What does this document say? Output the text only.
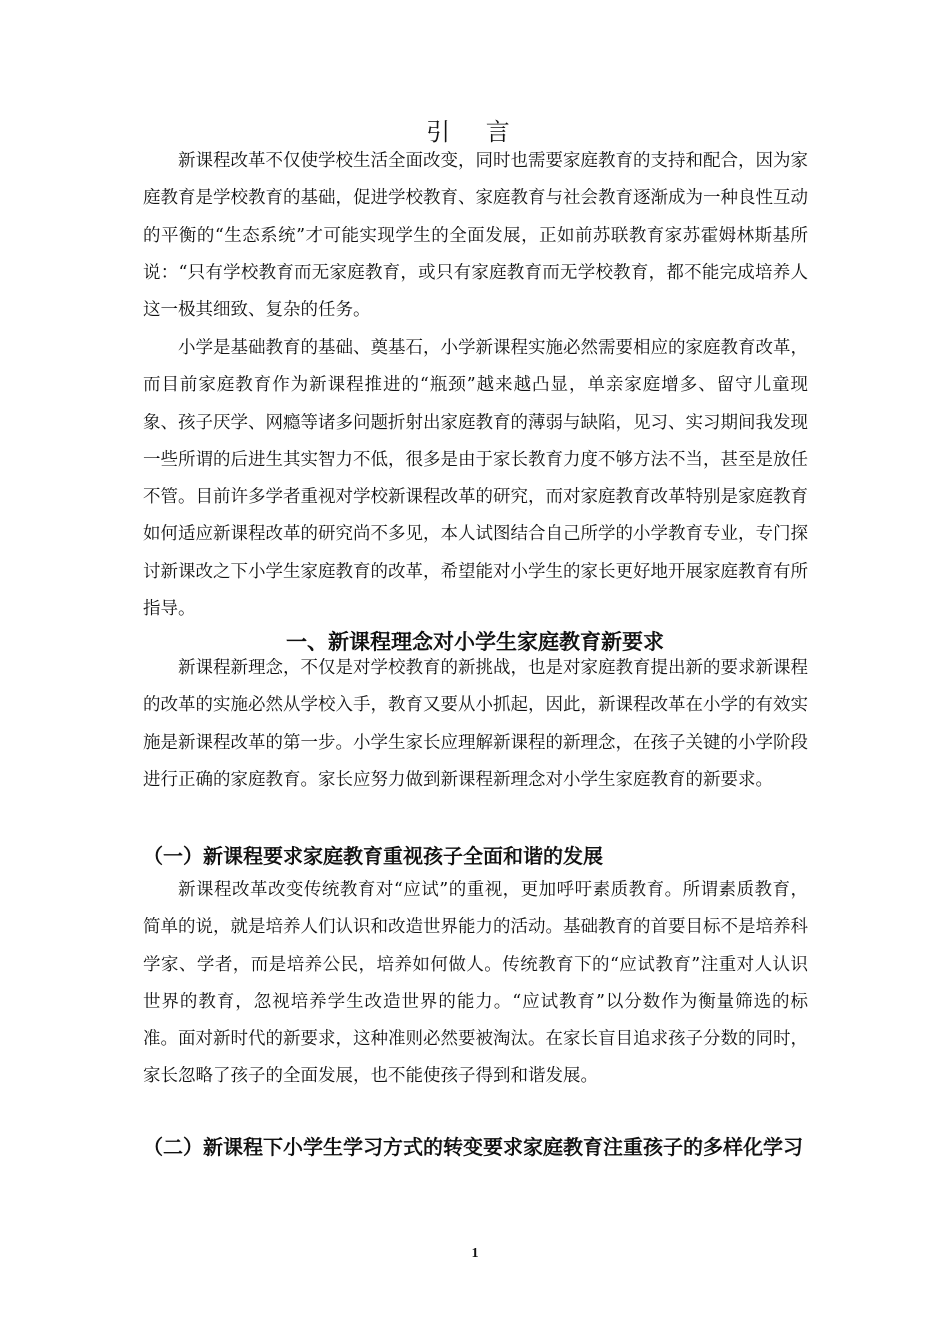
引 言

新课程改革不仅使学校生活全面改变，同时也需要家庭教育的支持和配合，因为家庭教育是学校教育的基础，促进学校教育、家庭教育与社会教育逐渐成为一种良性互动的平衡的“生态系统”才可能实现学生的全面发展，正如前苏联教育家苏霍姆林斯基所说：“只有学校教育而无家庭教育，或只有家庭教育而无学校教育，都不能完成培养人这一极其细致、复杂的任务。

小学是基础教育的基础、奠基石，小学新课程实施必然需要相应的家庭教育改革，而目前家庭教育作为新课程推进的“瓶颈”越来越凸显，单亲家庭增多、留守儿童现象、孩子厌学、网瘾等诸多问题折射出家庭教育的薄弱与缺陷，见习、实习期间我发现一些所谓的后进生其实智力不低，很多是由于家长教育力度不够方法不当，甚至是放任不管。目前许多学者重视对学校新课程改革的研究，而对家庭教育改革特别是家庭教育如何适应新课程改革的研究尚不多见，本人试图结合自己所学的小学教育专业，专门探讨新课改之下小学生家庭教育的改革，希望能对小学生的家长更好地开展家庭教育有所指导。

一、新课程理念对小学生家庭教育新要求

新课程新理念，不仅是对学校教育的新挑战，也是对家庭教育提出新的要求新课程的改革的实施必然从学校入手，教育又要从小抓起，因此，新课程改革在小学的有效实施是新课程改革的第一步。小学生家长应理解新课程的新理念，在孩子关键的小学阶段进行正确的家庭教育。家长应努力做到新课程新理念对小学生家庭教育的新要求。

（一）新课程要求家庭教育重视孩子全面和谐的发展

新课程改革改变传统教育对“应试”的重视，更加呼吁素质教育。所谓素质教育，简单的说，就是培养人们认识和改造世界能力的活动。基础教育的首要目标不是培养科学家、学者，而是培养公民，培养如何做人。传统教育下的“应试教育”注重对人认识世界的教育，忽视培养学生改造世界的能力。“应试教育”以分数作为衡量筛选的标准。面对新时代的新要求，这种准则必然要被淘汰。在家长盲目追求孩子分数的同时，家长忽略了孩子的全面发展，也不能使孩子得到和谐发展。

（二）新课程下小学生学习方式的转变要求家庭教育注重孩子的多样化学习

1
